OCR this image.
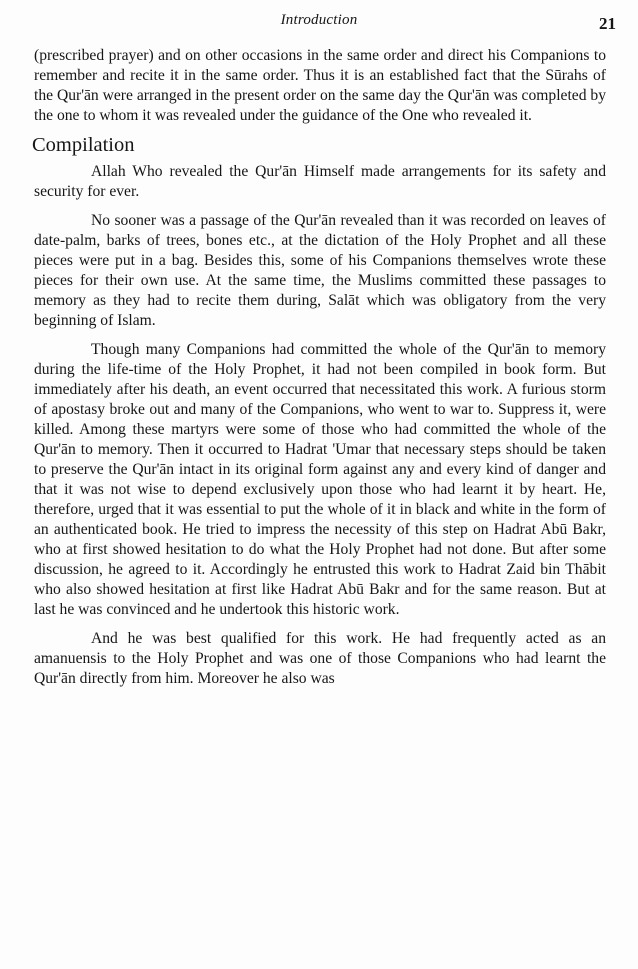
Introduction	21

(prescribed prayer) and on other occasions in the same order and direct his Companions to remember and recite it in the same order. Thus it is an established fact that the Sūrahs of the Qur'ān were arranged in the present order on the same day the Qur'ān was completed by the one to whom it was revealed under the guidance of the One who revealed it.

Compilation

Allah Who revealed the Qur'ān Himself made arrangements for its safety and security for ever.

No sooner was a passage of the Qur'ān revealed than it was recorded on leaves of date-palm, barks of trees, bones etc., at the dictation of the Holy Prophet and all these pieces were put in a bag. Besides this, some of his Companions themselves wrote these pieces for their own use. At the same time, the Muslims committed these passages to memory as they had to recite them during, Salāt which was obligatory from the very beginning of Islam.

Though many Companions had committed the whole of the Qur'ān to memory during the life-time of the Holy Prophet, it had not been compiled in book form. But immediately after his death, an event occurred that necessitated this work. A furious storm of apostasy broke out and many of the Companions, who went to war to. Suppress it, were killed. Among these martyrs were some of those who had committed the whole of the Qur'ān to memory. Then it occurred to Hadrat 'Umar that necessary steps should be taken to preserve the Qur'ān intact in its original form against any and every kind of danger and that it was not wise to depend exclusively upon those who had learnt it by heart. He, therefore, urged that it was essential to put the whole of it in black and white in the form of an authenticated book. He tried to impress the necessity of this step on Hadrat Abū Bakr, who at first showed hesitation to do what the Holy Prophet had not done. But after some discussion, he agreed to it. Accordingly he entrusted this work to Hadrat Zaid bin Thābit who also showed hesitation at first like Hadrat Abū Bakr and for the same reason. But at last he was convinced and he undertook this historic work.

And he was best qualified for this work. He had frequently acted as an amanuensis to the Holy Prophet and was one of those Companions who had learnt the Qur'ān directly from him. Moreover he also was
